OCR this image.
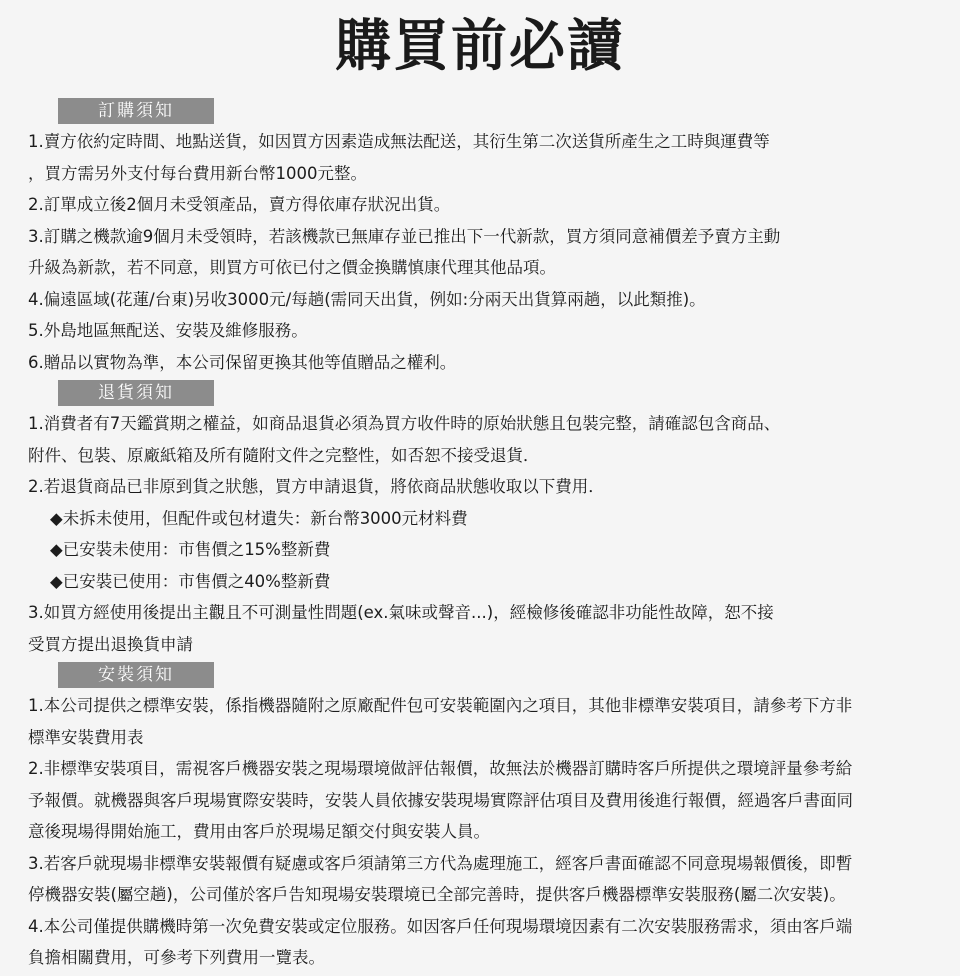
購買前必讀
訂購須知

1.賣方依約定時間、地點送貨，如因買方因素造成無法配送，其衍生第二次送貨所產生之工時與運費等
，買方需另外支付每台費用新台幣1000元整。

2.訂單成立後2個月未受領產品，賣方得依庫存狀況出貨。

3.訂購之機款逾9個月未受領時，若該機款已無庫存並已推出下一代新款，買方須同意補價差予賣方主動
升級為新款，若不同意，則買方可依已付之價金換購慎康代理其他品項。

4.偏遠區域(花蓮/台東)另收3000元/每趟(需同天出貨，例如:分兩天出貨算兩趟，以此類推)。

5.外島地區無配送、安裝及維修服務。

6.贈品以實物為準，本公司保留更換其他等值贈品之權利。

退貨須知

1.消費者有7天鑑賞期之權益，如商品退貨必須為買方收件時的原始狀態且包裝完整，請確認包含商品、
附件、包裝、原廠紙箱及所有隨附文件之完整性，如否恕不接受退貨．

2.若退貨商品已非原到貨之狀態，買方申請退貨，將依商品狀態收取以下費用．

◆未拆未使用，但配件或包材遺失：新台幣3000元材料費

◆已安裝未使用：市售價之15%整新費

◆已安裝已使用：市售價之40%整新費

3.如買方經使用後提出主觀且不可測量性問題(ex.氣味或聲音...)，經檢修後確認非功能性故障，恕不接
受買方提出退換貨申請

安裝須知

1.本公司提供之標準安裝，係指機器隨附之原廠配件包可安裝範圍內之項目，其他非標準安裝項目，請參考下方非
標準安裝費用表

2.非標準安裝項目，需視客戶機器安裝之現場環境做評估報價，故無法於機器訂購時客戶所提供之環境評量參考給
予報價。就機器與客戶現場實際安裝時，安裝人員依據安裝現場實際評估項目及費用後進行報價，經過客戶書面同
意後現場得開始施工，費用由客戶於現場足額交付與安裝人員。

3.若客戶就現場非標準安裝報價有疑慮或客戶須請第三方代為處理施工，經客戶書面確認不同意現場報價後，即暫
停機器安裝(屬空趟)，公司僅於客戶告知現場安裝環境已全部完善時，提供客戶機器標準安裝服務(屬二次安裝)。

4.本公司僅提供購機時第一次免費安裝或定位服務。如因客戶任何現場環境因素有二次安裝服務需求，須由客戶端
負擔相關費用，可參考下列費用一覽表。
